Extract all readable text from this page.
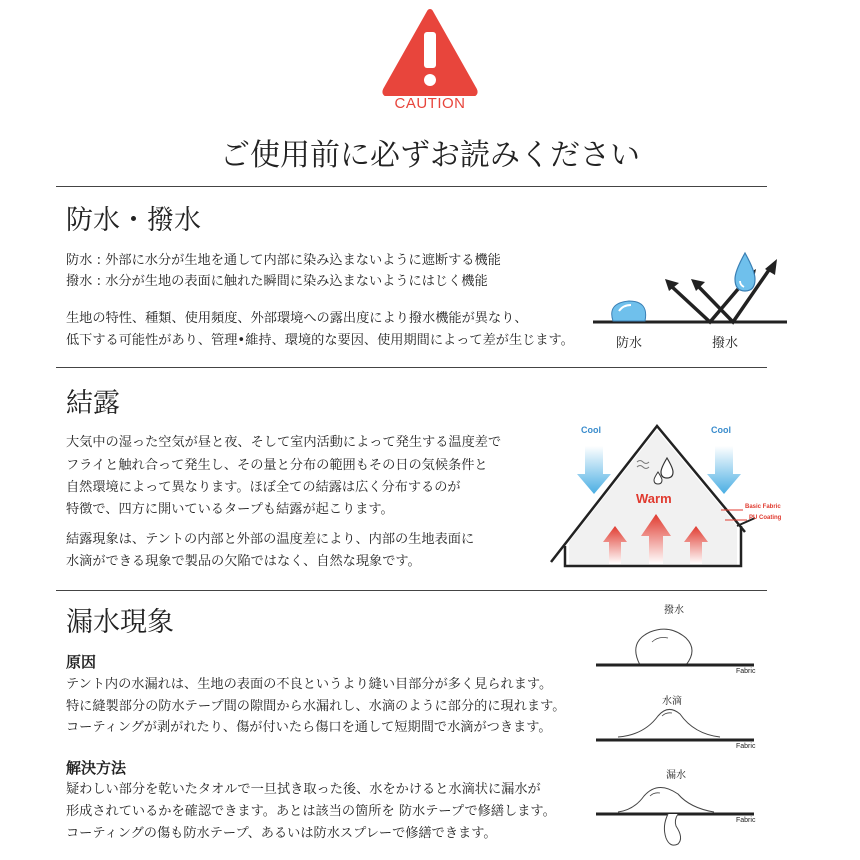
CAUTION
ご使用前に必ずお読みください
防水・撥水
防水 : 外部に水分が生地を通して内部に染み込まないように遮断する機能
撥水 : 水分が生地の表面に触れた瞬間に染み込まないようにはじく機能
生地の特性、種類、使用頻度、外部環境への露出度により撥水機能が異なり、
低下する可能性があり、管理•維持、環境的な要因、使用期間によって差が生じます。	防水	撥水
結露
大気中の湿った空気が昼と夜、そして室内活動によって発生する温度差で
フライと触れ合って発生し、その量と分布の範囲もその日の気候条件と
自然環境によって異なります。ほぼ全ての結露は広く分布するのが
特徴で、四方に開いているタープも結露が起こります。
結露現象は、テントの内部と外部の温度差により、内部の生地表面に
水滴ができる現象で製品の欠陥ではなく、自然な現象です。
Cool	Cool
Warm
Basic Fabric
PU Coating
漏水現象
原因
テント内の水漏れは、生地の表面の不良というより縫い目部分が多く見られます。
特に縫製部分の防水テープ間の隙間から水漏れし、水滴のように部分的に現れます。
コーティングが剥がれたり、傷が付いたら傷口を通して短期間で水滴がつきます。
解決方法
疑わしい部分を乾いたタオルで一旦拭き取った後、水をかけると水滴状に漏水が
形成されているかを確認できます。あとは該当の箇所を 防水テープで修繕します。
コーティングの傷も防水テープ、あるいは防水スプレーで修繕できます。
撥水
水滴
漏水
Fabric
Fabric
Fabric
